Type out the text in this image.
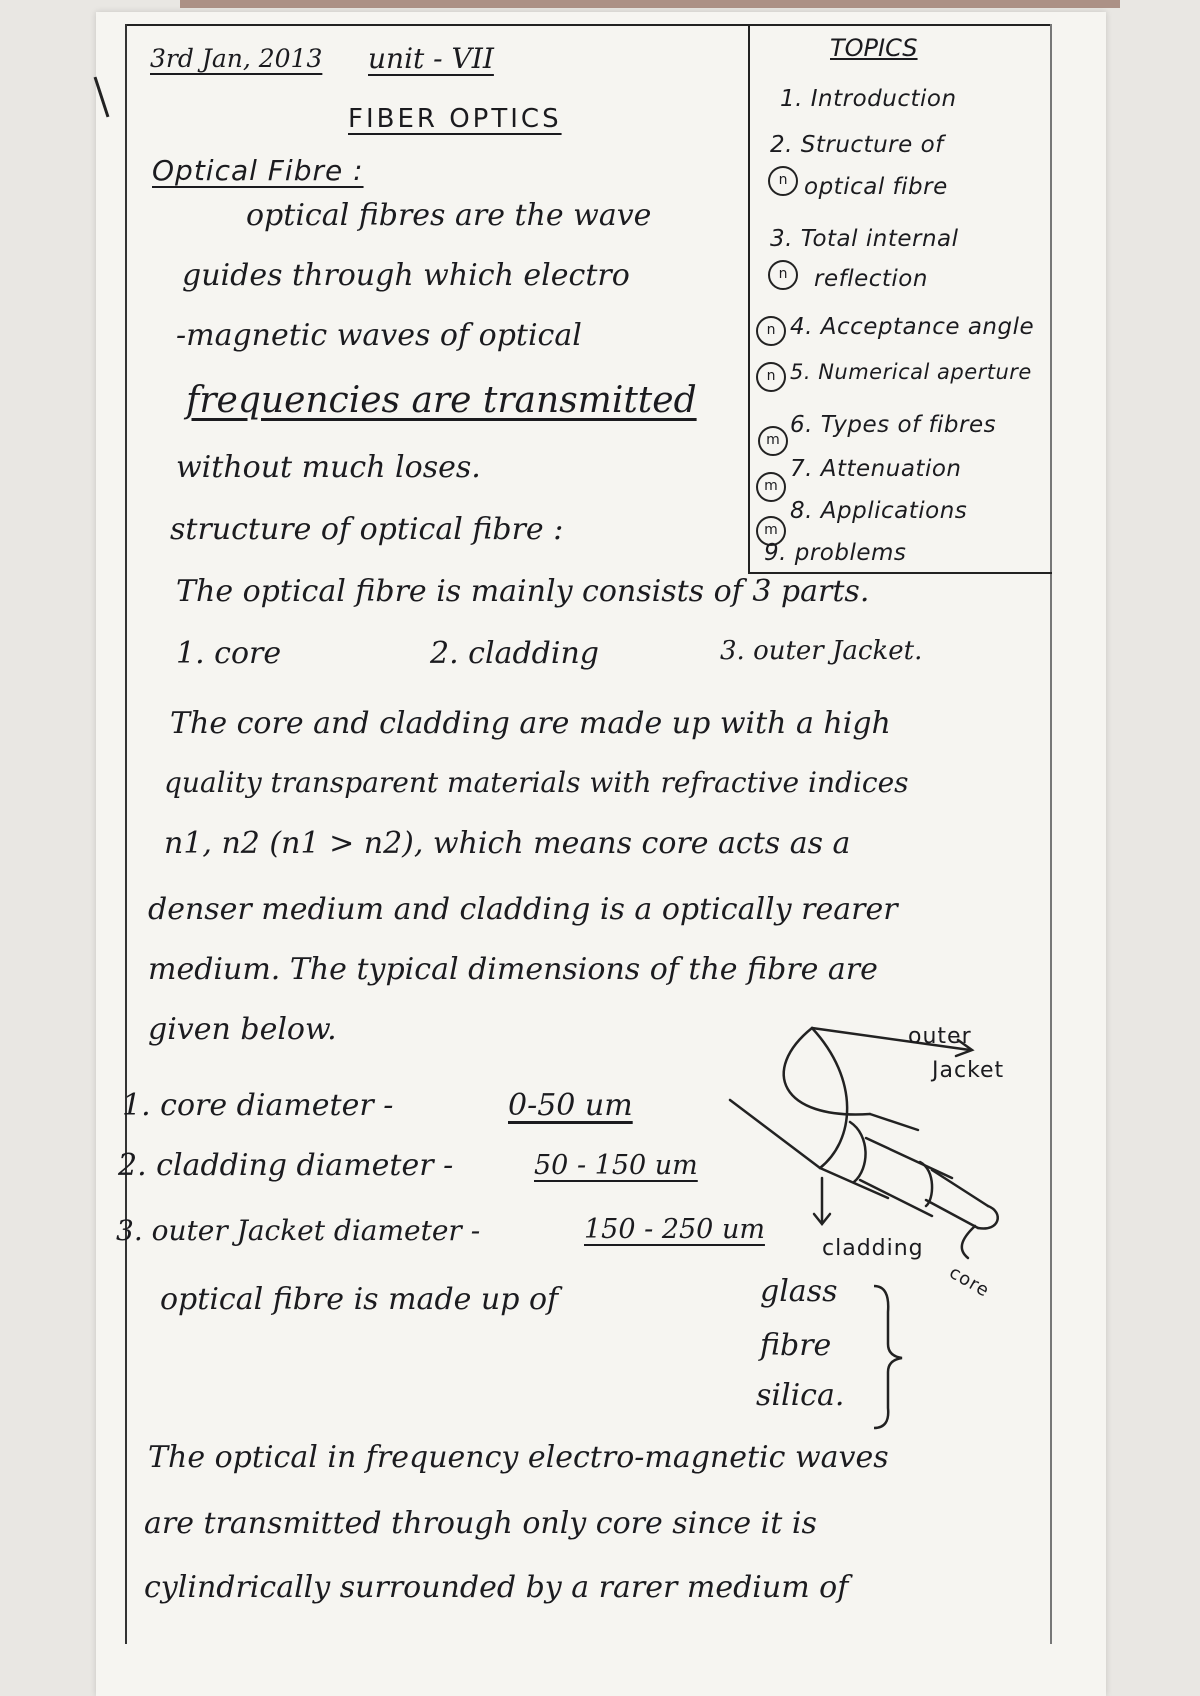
3rd Jan, 2013 unit - VII
FIBER OPTICS
TOPICS
1. Introduction
2. Structure of
n optical fibre
3. Total internal
n	reflection
n 4. Acceptance angle
n 5. Numerical aperture
m
6. Types of fibres
m
7. Attenuation
m
8. Applications
9. problems
Optical Fibre :
optical fibres are the wave
guides through which electro
-magnetic waves of optical
frequencies are transmitted
without much loses.
structure of optical fibre :
The optical fibre is mainly consists of 3 parts.
1. core	2. cladding	3. outer Jacket.
The core and cladding are made up with a high
quality transparent materials with refractive indices
n1, n2 (n1 > n2), which means core acts as a
denser medium and cladding is a optically rearer
medium. The typical dimensions of the fibre are
given below.
1. core diameter -	0-50 um
2. cladding diameter -	50 - 150 um
3. outer Jacket diameter -	150 - 250 um
optical fibre is made up of	glass
fibre
silica.
outer
Jacket
cladding
core
The optical in frequency electro-magnetic waves
are transmitted through only core since it is
cylindrically surrounded by a rarer medium of
